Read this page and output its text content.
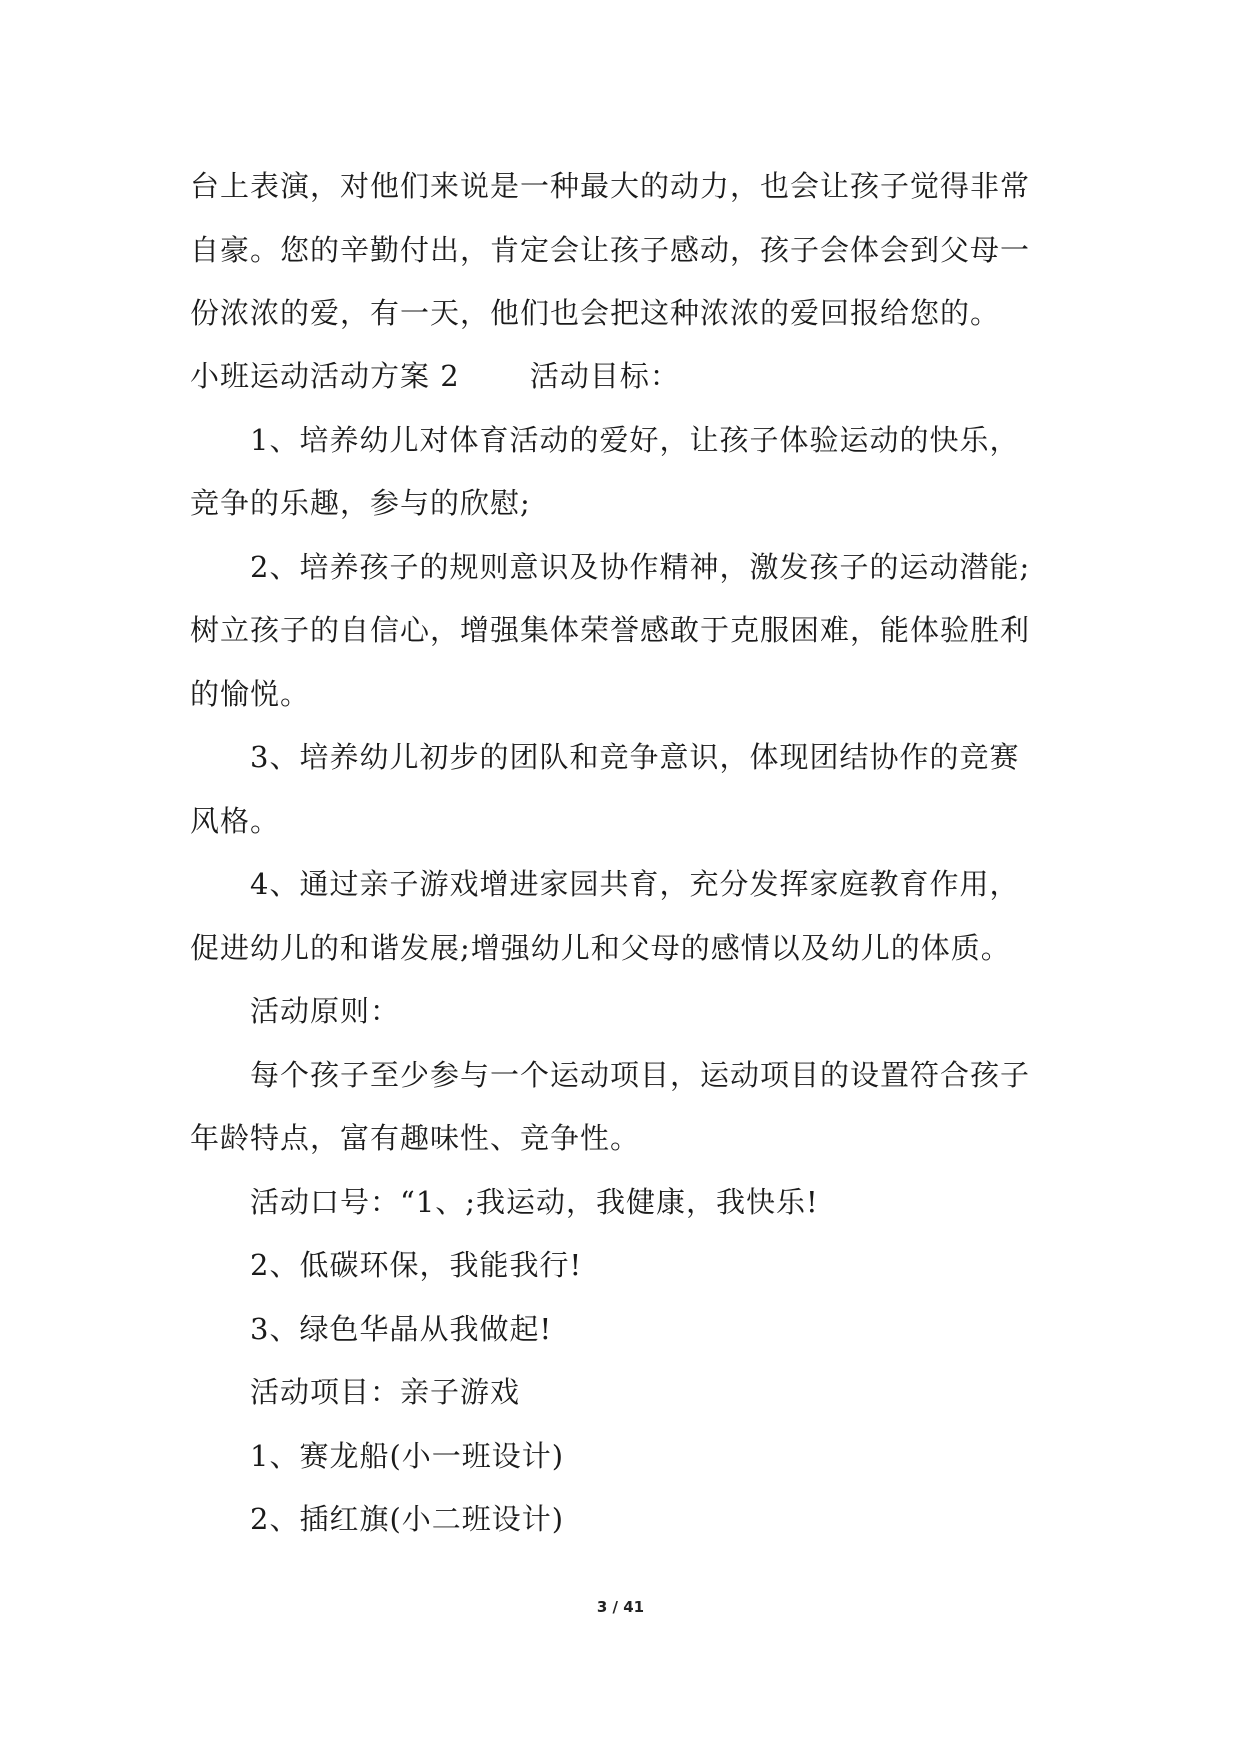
台上表演，对他们来说是一种最大的动力，也会让孩子觉得非常
自豪。您的辛勤付出，肯定会让孩子感动，孩子会体会到父母一
份浓浓的爱，有一天，他们也会把这种浓浓的爱回报给您的。
小班运动活动方案 2　　 活动目标：
1、培养幼儿对体育活动的爱好，让孩子体验运动的快乐，
竞争的乐趣，参与的欣慰;
2、培养孩子的规则意识及协作精神，激发孩子的运动潜能;
树立孩子的自信心，增强集体荣誉感敢于克服困难，能体验胜利
的愉悦。
3、培养幼儿初步的团队和竞争意识，体现团结协作的竞赛
风格。
4、通过亲子游戏增进家园共育，充分发挥家庭教育作用，
促进幼儿的和谐发展;增强幼儿和父母的感情以及幼儿的体质。
活动原则：
每个孩子至少参与一个运动项目，运动项目的设置符合孩子
年龄特点，富有趣味性、竞争性。
活动口号：“1、;我运动，我健康，我快乐!
2、低碳环保，我能我行!
3、绿色华晶从我做起!
活动项目：亲子游戏
1、赛龙船(小一班设计)
2、插红旗(小二班设计)
3 / 41
